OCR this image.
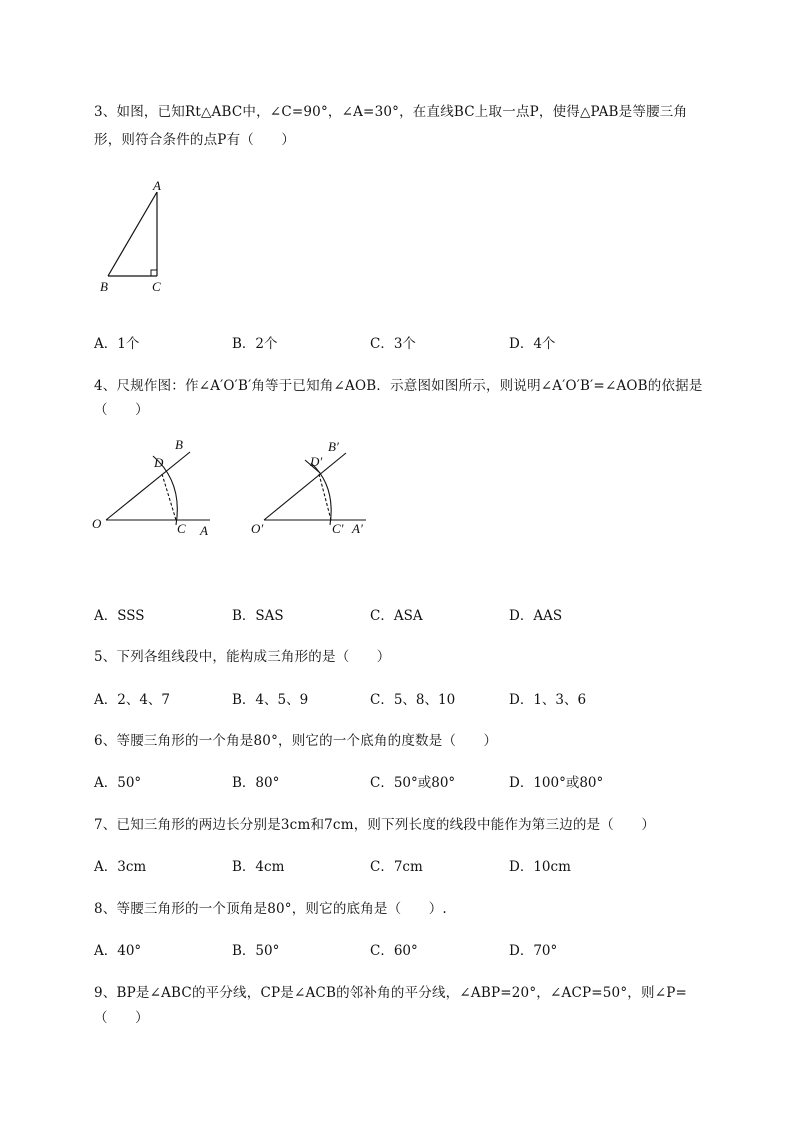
3、如图，已知Rt△ABC中，∠C=90°，∠A=30°，在直线BC上取一点P，使得△PAB是等腰三角
形，则符合条件的点P有（　　）
A
B	C
A．1个	B．2个	C．3个	D．4个
4、尺规作图：作∠A′O′B′角等于已知角∠AOB．示意图如图所示，则说明∠A′O′B′=∠AOB的依据是
（　　）
O	C A
B
D
O′	C′ A′
B′
D′
A．SSS	B．SAS	C．ASA	D．AAS
5、下列各组线段中，能构成三角形的是（　　）
A．2、4、7	B．4、5、9	C．5、8、10	D．1、3、6
6、等腰三角形的一个角是80°，则它的一个底角的度数是（　　）
A．50°	B．80°	C．50°或80°	D．100°或80°
7、已知三角形的两边长分别是3cm和7cm，则下列长度的线段中能作为第三边的是（　　）
A．3cm	B．4cm	C．7cm	D．10cm
8、等腰三角形的一个顶角是80°，则它的底角是（　　）.
A．40°	B．50°	C．60°	D．70°
9、BP是∠ABC的平分线，CP是∠ACB的邻补角的平分线，∠ABP=20°，∠ACP=50°，则∠P=
（　　）
